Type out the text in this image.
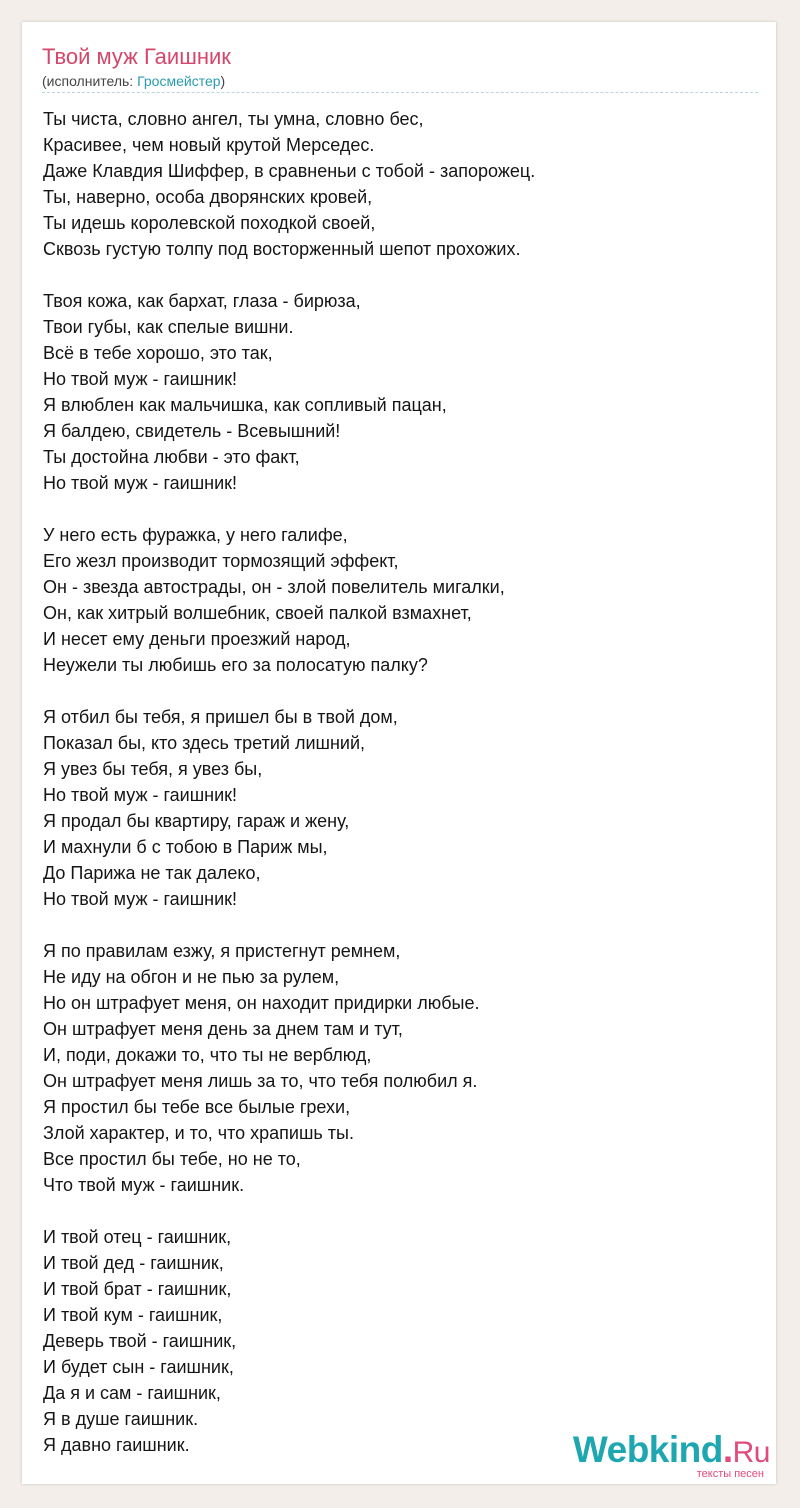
Твой муж Гаишник
(исполнитель: Гросмейстер)
Ты чиста, словно ангел, ты умна, словно бес,
Красивее, чем новый крутой Мерседес.
Даже Клавдия Шиффер, в сравненьи с тобой - запорожец.
Ты, наверно, особа дворянских кровей,
Ты идешь королевской походкой своей,
Сквозь густую толпу под восторженный шепот прохожих.
Твоя кожа, как бархат, глаза - бирюза,
Твои губы, как спелые вишни.
Всё в тебе хорошо, это так,
Но твой муж - гаишник!
Я влюблен как мальчишка, как сопливый пацан,
Я балдею, свидетель - Всевышний!
Ты достойна любви - это факт,
Но твой муж - гаишник!
У него есть фуражка, у него галифе,
Его жезл производит тормозящий эффект,
Он - звезда автострады, он - злой повелитель мигалки,
Он, как хитрый волшебник, своей палкой взмахнет,
И несет ему деньги проезжий народ,
Неужели ты любишь его за полосатую палку?
Я отбил бы тебя, я пришел бы в твой дом,
Показал бы, кто здесь третий лишний,
Я увез бы тебя, я увез бы,
Но твой муж - гаишник!
Я продал бы квартиру, гараж и жену,
И махнули б с тобою в Париж мы,
До Парижа не так далеко,
Но твой муж - гаишник!
Я по правилам езжу, я пристегнут ремнем,
Не иду на обгон и не пью за рулем,
Но он штрафует меня, он находит придирки любые.
Он штрафует меня день за днем там и тут,
И, поди, докажи то, что ты не верблюд,
Он штрафует меня лишь за то, что тебя полюбил я.
Я простил бы тебе все былые грехи,
Злой характер, и то, что храпишь ты.
Все простил бы тебе, но не то,
Что твой муж - гаишник.
И твой отец - гаишник,
И твой дед - гаишник,
И твой брат - гаишник,
И твой кум - гаишник,
Деверь твой - гаишник,
И будет сын - гаишник,
Да я и сам - гаишник,
Я в душе гаишник.
Я давно гаишник.	Webkind.Ru
тексты песен
